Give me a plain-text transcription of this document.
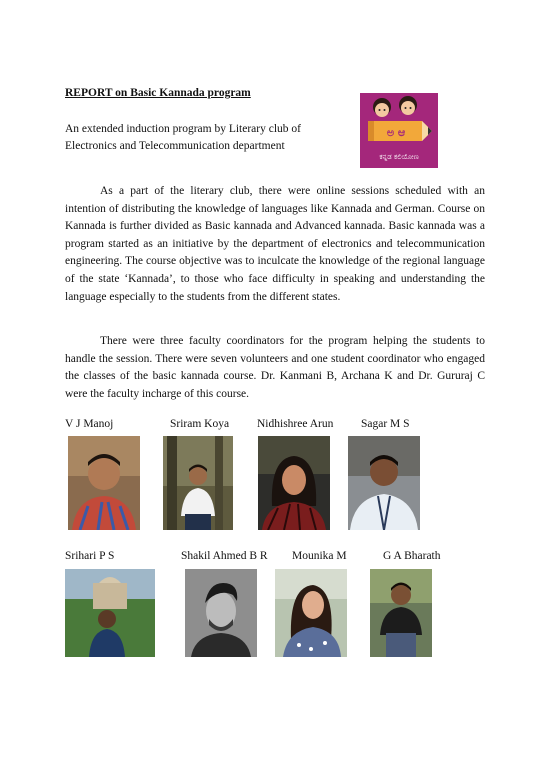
REPORT on Basic Kannada program
An extended induction program by Literary club of Electronics and Telecommunication department
ಅ ಆ
ಕನ್ನಡ ಕಲಿಯೋಣ
As a part of the literary club, there were online sessions scheduled with an intention of distributing the knowledge of languages like Kannada and German. Course on Kannada is further divided as Basic kannada and Advanced kannada. Basic kannada was a program started as an initiative by the department of electronics and telecommunication engineering. The course objective was to inculcate the knowledge of the regional language of the state ‘Kannada’, to those who face difficulty in speaking and understanding the language especially to the students from the different states.
There were three faculty coordinators for the program helping the students to handle the session. There were seven volunteers and one student coordinator who engaged the classes of the basic kannada course. Dr. Kanmani B, Archana K and Dr. Gururaj C were the faculty incharge of this course.
V J Manoj	Sriram Koya Nidhishree Arun Sagar M S
Srihari P S	Shakil Ahmed B R Mounika M	G A Bharath
